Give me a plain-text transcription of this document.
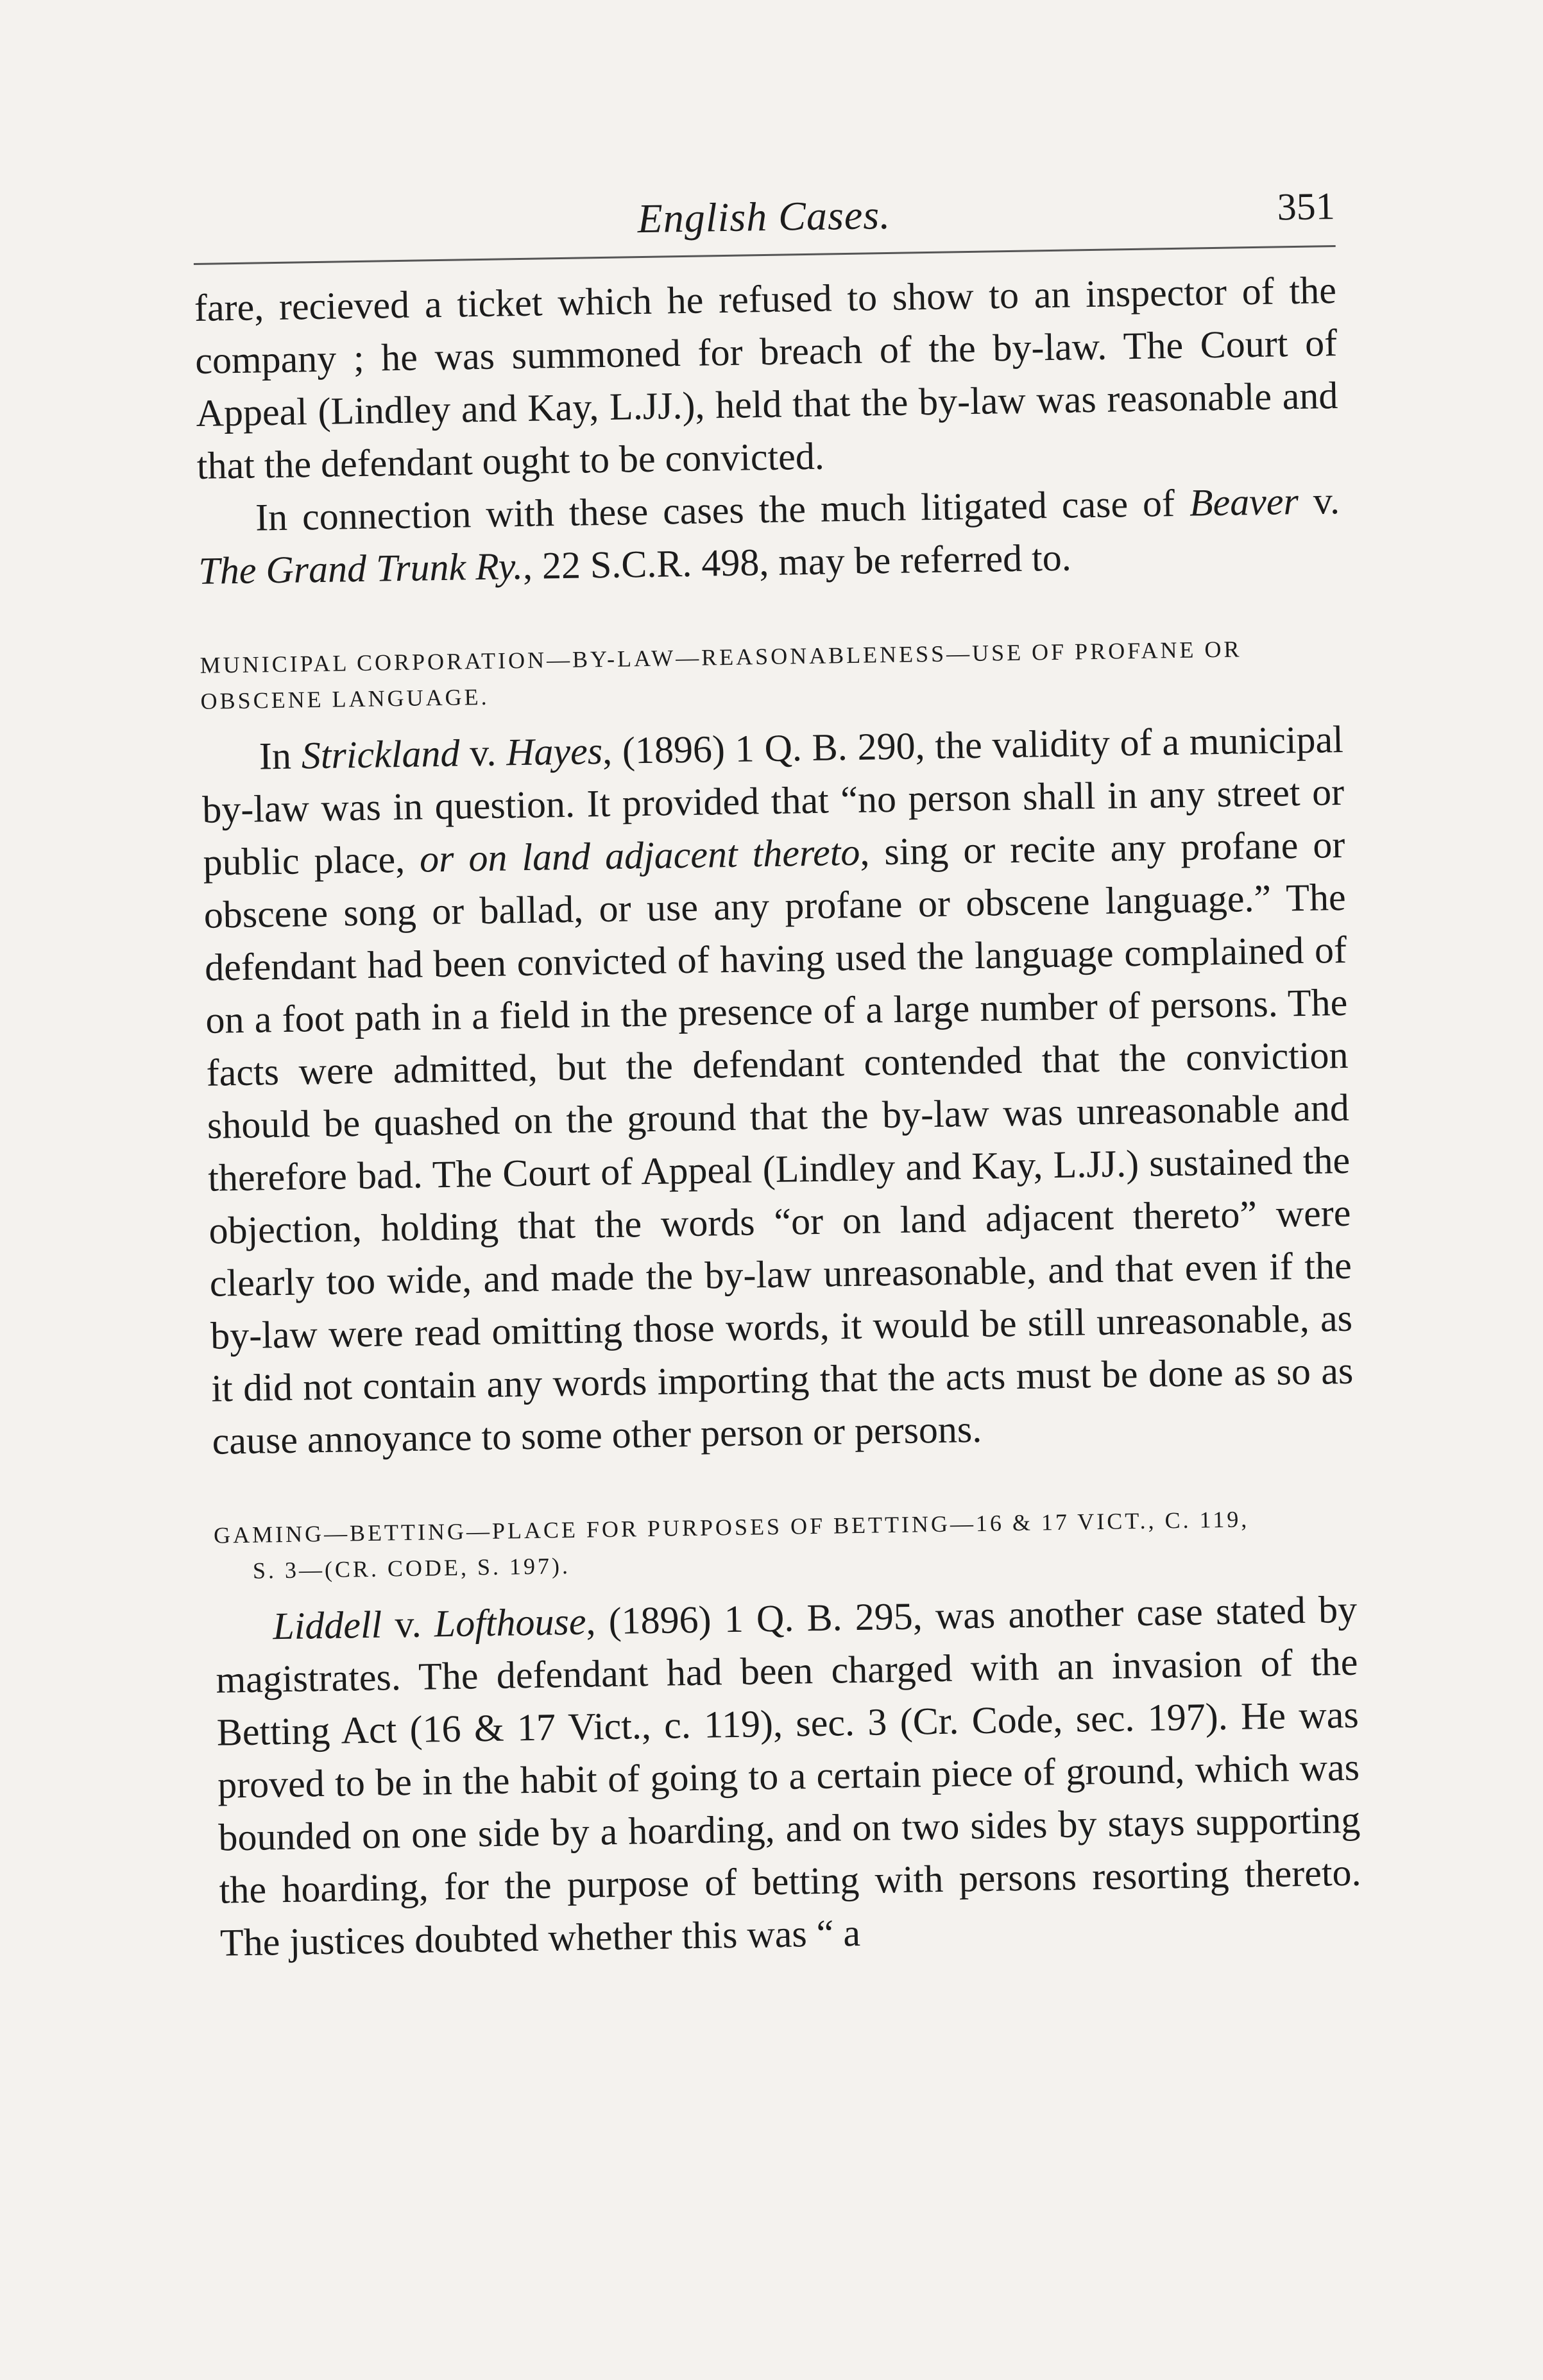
English Cases.	351

fare, recieved a ticket which he refused to show to an inspector of the company ; he was summoned for breach of the by-law. The Court of Appeal (Lindley and Kay, L.JJ.), held that the by-law was reasonable and that the defendant ought to be convicted.

In connection with these cases the much litigated case of Beaver v. The Grand Trunk Ry., 22 S.C.R. 498, may be referred to.

MUNICIPAL CORPORATION—BY-LAW—REASONABLENESS—USE OF PROFANE OR OBSCENE LANGUAGE.

In Strickland v. Hayes, (1896) 1 Q. B. 290, the validity of a municipal by-law was in question. It provided that “no person shall in any street or public place, or on land adjacent thereto, sing or recite any profane or obscene song or ballad, or use any profane or obscene language.” The defendant had been convicted of having used the language complained of on a foot path in a field in the presence of a large number of persons. The facts were admitted, but the defendant contended that the conviction should be quashed on the ground that the by-law was unreasonable and therefore bad. The Court of Appeal (Lindley and Kay, L.JJ.) sustained the objection, holding that the words “or on land adjacent thereto” were clearly too wide, and made the by-law unreasonable, and that even if the by-law were read omitting those words, it would be still unreasonable, as it did not contain any words importing that the acts must be done as so as cause annoyance to some other person or persons.

GAMING—BETTING—PLACE FOR PURPOSES OF BETTING—16 & 17 VICT., C. 119,
S. 3—(CR. CODE, S. 197).

Liddell v. Lofthouse, (1896) 1 Q. B. 295, was another case stated by magistrates. The defendant had been charged with an invasion of the Betting Act (16 & 17 Vict., c. 119), sec. 3 (Cr. Code, sec. 197). He was proved to be in the habit of going to a certain piece of ground, which was bounded on one side by a hoarding, and on two sides by stays supporting the hoarding, for the purpose of betting with persons resorting thereto. The justices doubted whether this was “ a
